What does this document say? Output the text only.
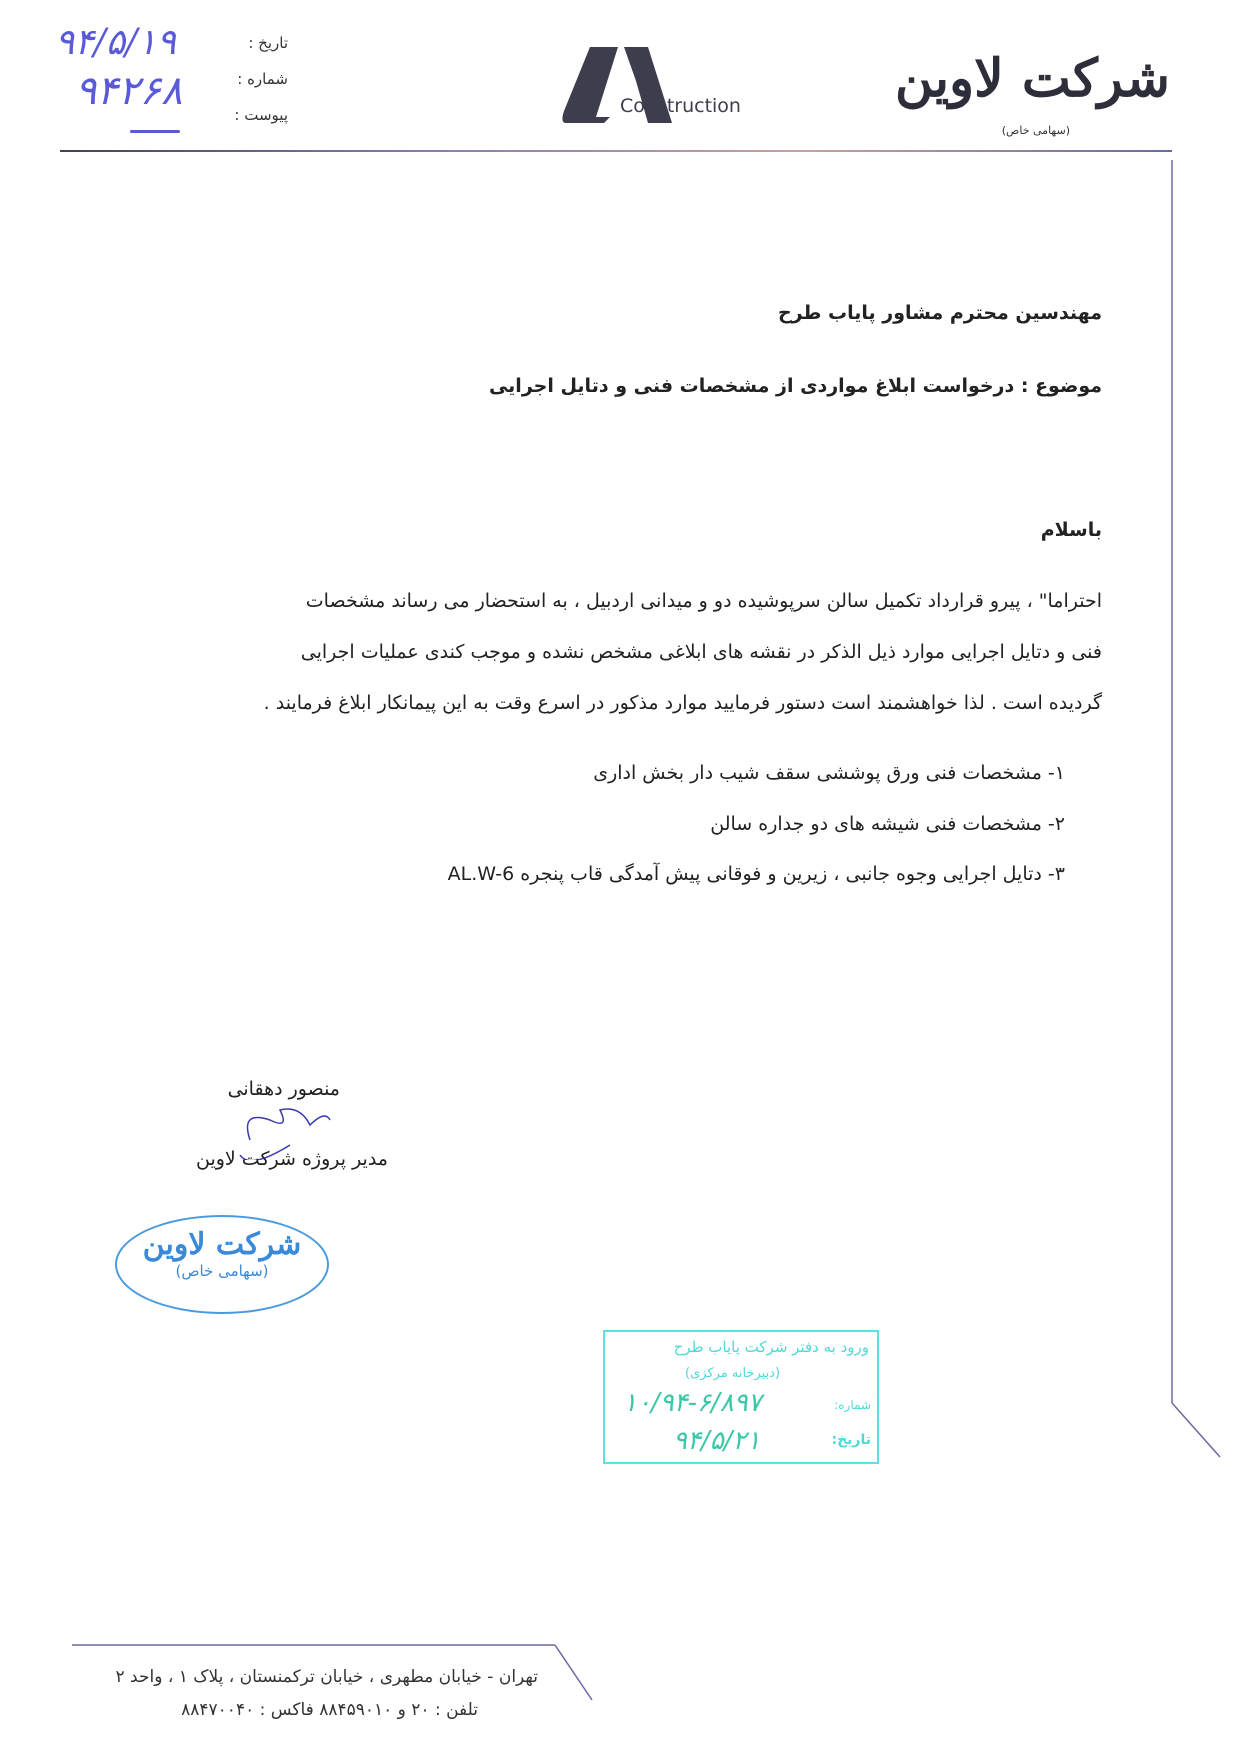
تاریخ :
شماره :
پیوست :
۹۴/۵/۱۹
۹۴۲۶۸	Construction	شرکت لاوین
(سهامی خاص)
مهندسین محترم مشاور پایاب طرح
موضوع : درخواست ابلاغ مواردی از مشخصات فنی و دتایل اجرایی
باسلام
احتراما" ، پیرو قرارداد تکمیل سالن سرپوشیده دو و میدانی اردبیل ، به استحضار می رساند مشخصات
فنی و دتایل اجرایی موارد ذیل الذکر در نقشه های ابلاغی مشخص نشده و موجب کندی عملیات اجرایی
گردیده است . لذا خواهشمند است دستور فرمایید موارد مذکور در اسرع وقت به این پیمانکار ابلاغ فرمایند .
۱- مشخصات فنی ورق پوششی سقف شیب دار بخش اداری
۲- مشخصات فنی شیشه های دو جداره سالن
۳- دتایل اجرایی وجوه جانبی ، زیرین و فوقانی پیش آمدگی قاب پنجره AL.W-6
منصور دهقانی
مدیر پروژه شرکت لاوین
شرکت لاوین
(سهامی خاص)
ورود به دفتر شرکت پایاب طرح
(دبیرخانه مرکزی)
شماره:
۱۰/۹۴-۶/۸۹۷
تاریخ:
۹۴/۵/۲۱
تهران - خیابان مطهری ، خیابان ترکمنستان ، پلاک ۱ ، واحد ۲
تلفن : ۲۰ و ۸۸۴۵۹۰۱۰ فاکس : ۸۸۴۷۰۰۴۰
